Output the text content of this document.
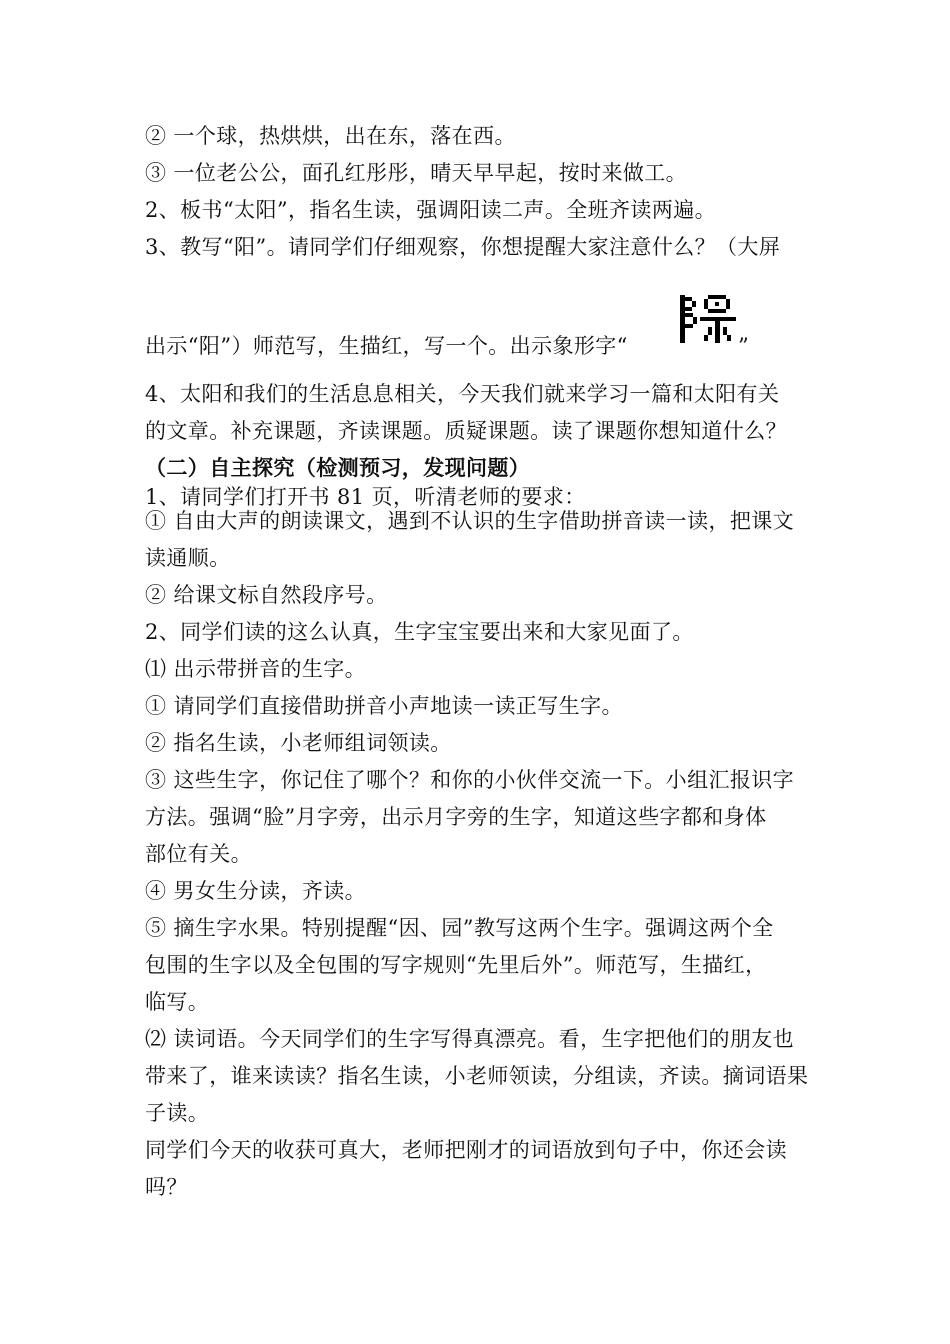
② 一个球，热烘烘，出在东，落在西。
③ 一位老公公，面孔红彤彤，晴天早早起，按时来做工。
2、板书“太阳”，指名生读，强调阳读二声。全班齐读两遍。
3、教写“阳”。请同学们仔细观察，你想提醒大家注意什么？（大屏
出示“阳”）师范写，生描红，写一个。出示象形字“	”
4、太阳和我们的生活息息相关，今天我们就来学习一篇和太阳有关
的文章。补充课题，齐读课题。质疑课题。读了课题你想知道什么？
（二）自主探究（检测预习，发现问题）
1、请同学们打开书 81 页，听清老师的要求：
① 自由大声的朗读课文，遇到不认识的生字借助拼音读一读，把课文
读通顺。
② 给课文标自然段序号。
2、同学们读的这么认真，生字宝宝要出来和大家见面了。
⑴ 出示带拼音的生字。
① 请同学们直接借助拼音小声地读一读正写生字。
② 指名生读，小老师组词领读。
③ 这些生字，你记住了哪个？和你的小伙伴交流一下。小组汇报识字
方法。强调“脸”月字旁，出示月字旁的生字，知道这些字都和身体
部位有关。
④ 男女生分读，齐读。
⑤ 摘生字水果。特别提醒“因、园”教写这两个生字。强调这两个全
包围的生字以及全包围的写字规则“先里后外”。师范写，生描红，
临写。
⑵ 读词语。今天同学们的生字写得真漂亮。看，生字把他们的朋友也
带来了，谁来读读？指名生读，小老师领读，分组读，齐读。摘词语果
子读。
同学们今天的收获可真大，老师把刚才的词语放到句子中，你还会读
吗？
